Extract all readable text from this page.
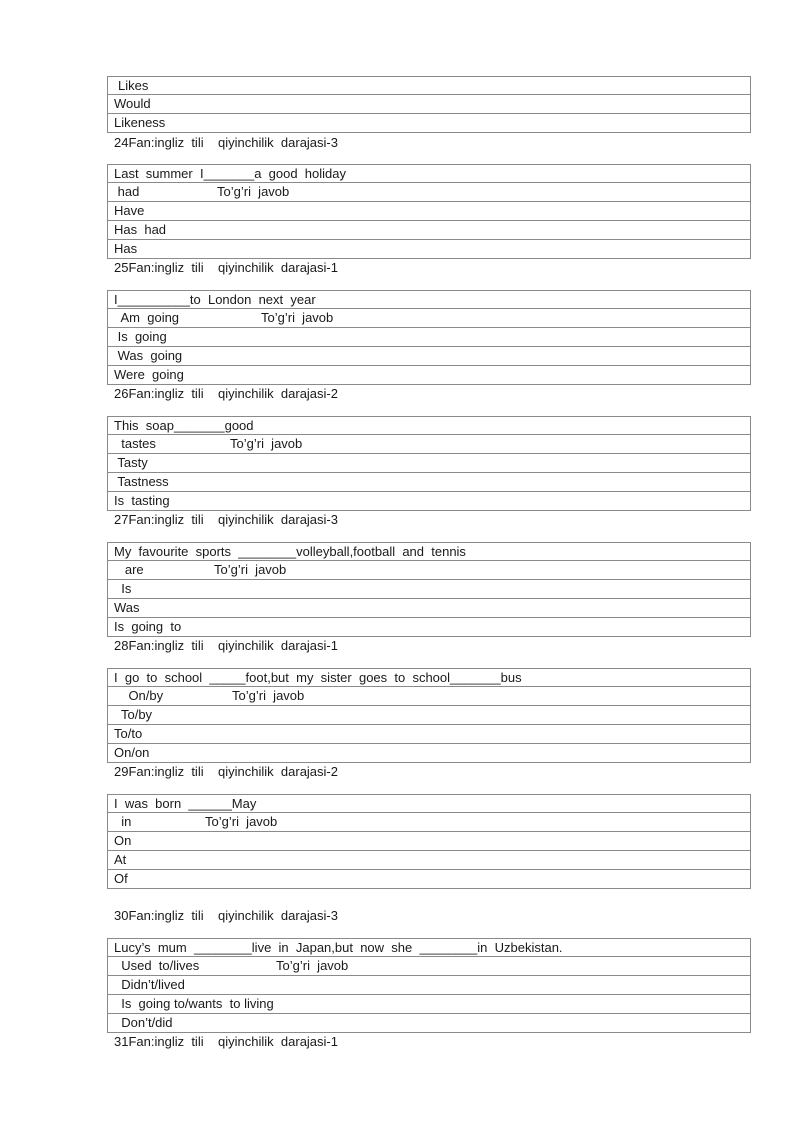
Likes
Would
Likeness
24Fan:ingliz  tili    qiyinchilik  darajasi-3
Last  summer  I_______a  good  holiday
had	To’g’ri  javob
Have
Has  had
Has
25Fan:ingliz  tili    qiyinchilik  darajasi-1
I__________to  London  next  year
Am  going	To’g’ri  javob
Is  going
Was  going
Were  going
26Fan:ingliz  tili    qiyinchilik  darajasi-2
This  soap_______good
tastes	To’g’ri  javob
Tasty
Tastness
Is  tasting
27Fan:ingliz  tili    qiyinchilik  darajasi-3
My  favourite  sports  ________volleyball,football  and  tennis
are	To’g’ri  javob
Is
Was
Is  going  to
28Fan:ingliz  tili    qiyinchilik  darajasi-1
I  go  to  school  _____foot,but  my  sister  goes  to  school_______bus
On/by	To’g’ri  javob
To/by
To/to
On/on
29Fan:ingliz  tili    qiyinchilik  darajasi-2
I  was  born  ______May
in	To’g’ri  javob
On
At
Of
30Fan:ingliz  tili    qiyinchilik  darajasi-3
Lucy’s  mum  ________live  in  Japan,but  now  she  ________in  Uzbekistan.
Used  to/lives	To’g’ri  javob
Didn’t/lived
Is  going to/wants  to living
Don’t/did
31Fan:ingliz  tili    qiyinchilik  darajasi-1
